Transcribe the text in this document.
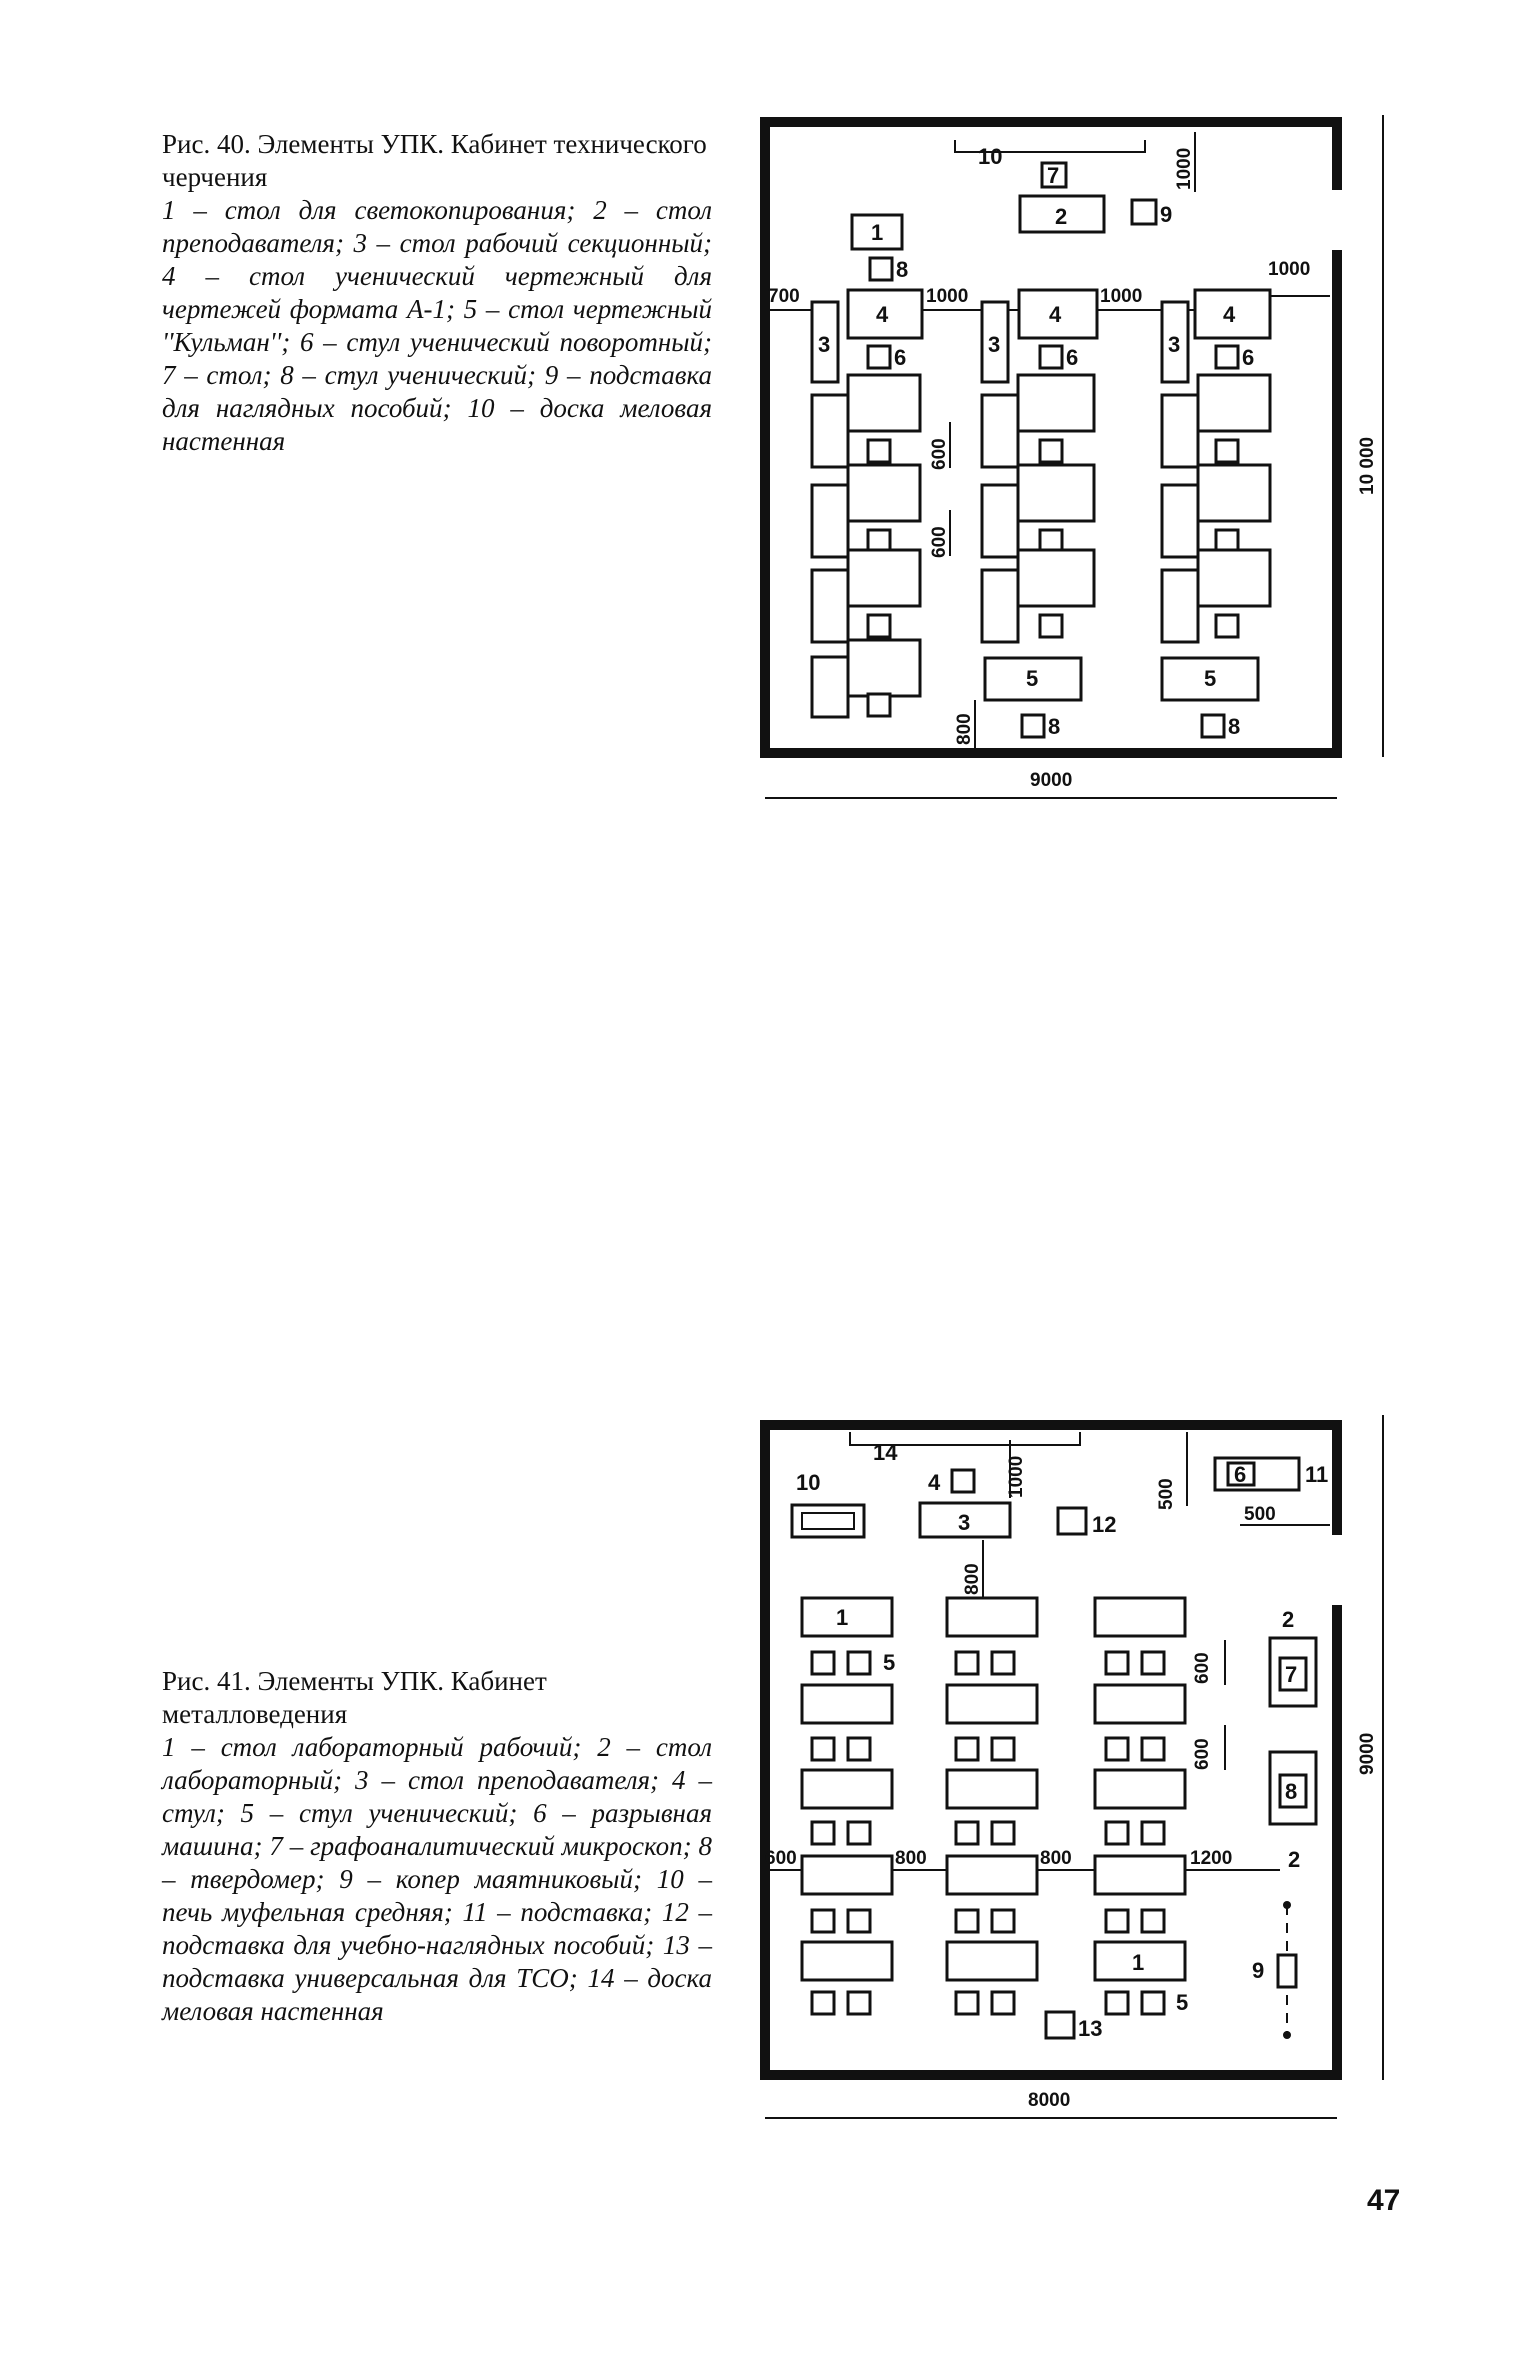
Рис. 40. Элементы УПК. Кабинет технического черчения
1 – стол для светокопирования; 2 – стол преподавателя; 3 – стол рабочий секционный; 4 – стол ученический чертежный для чертежей формата А-1; 5 – стол чертежный ''Кульман''; 6 – стул ученический поворотный; 7 – стол; 8 – стул ученический; 9 – подставка для наглядных пособий; 10 – доска меловая настенная
Рис. 41. Элементы УПК. Кабинет металловедения
1 – стол лабораторный рабочий; 2 – стол лабораторный; 3 – стол преподавателя; 4 – стул; 5 – стул ученический; 6 – разрывная машина; 7 – графоаналитический микроскоп; 8 – твердомер; 9 – копер маятниковый; 10 – печь муфельная средняя; 11 – подставка; 12 – подставка для учебно-наглядных пособий; 13 – подставка универсальная для ТСО; 14 – доска меловая настенная
10	1000
7
2	9
1
8
700	1000	1000
1000
3
4
6
3
4
6
3
4
6
5
8
5
8
600
600
800
9000
10 000
14
10	4	1000
3	12
500
6	11
500
800
1
5
1
5
13
600	800	800	1200
600
600
2
7
8
2
9
8000
9000
47
